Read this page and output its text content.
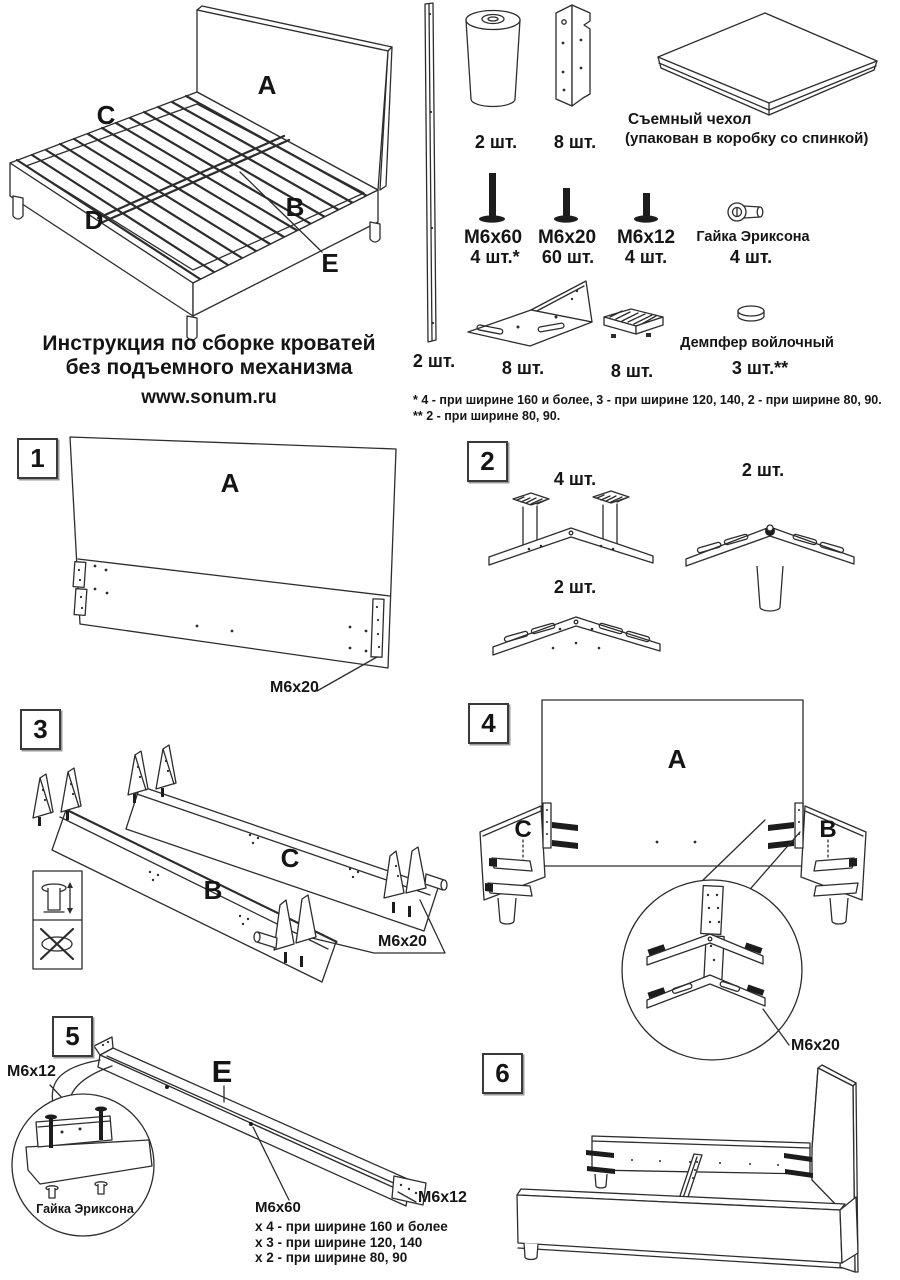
A
C
D	B
E
Инструкция по сборке кроватей
без подъемного механизма
www.sonum.ru
2 шт.
2 шт. 8 шт.
Съемный чехол
(упакован в коробку со спинкой)
M6x60
4 шт.*
M6x20
60 шт.
M6x12
4 шт.
Гайка Эриксона
4 шт.
8 шт.	8 шт.
Демпфер войлочный
3 шт.**
* 4 - при ширине 160 и более, 3 - при ширине 120, 140, 2 - при ширине 80, 90.
** 2 - при ширине 80, 90.
1	2
3	4
5
6
A
M6x20
4 шт.	2 шт.
2 шт.
B
C
M6x20
A
C	B
M6x20
M6x12	E
Гайка Эриксона	M6x60
x 4 - при ширине 160 и более
x 3 - при ширине 120, 140
x 2 - при ширине 80, 90
M6x12
